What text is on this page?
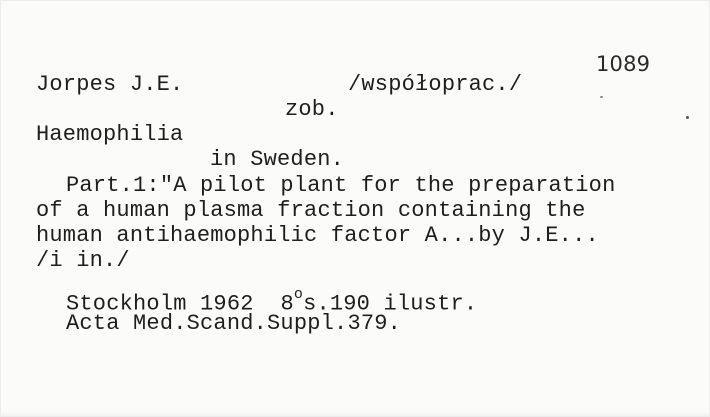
1089
Jorpes J.E.	/współoprac./
zob.
Haemophilia
in Sweden.
Part.1:"A pilot plant for the preparation
of a human plasma fraction containing the
human antihaemophilic factor A...by J.E...
/i in./
Stockholm 1962 8$^o$s.190 ilustr.
Acta Med.Scand.Suppl.379.
